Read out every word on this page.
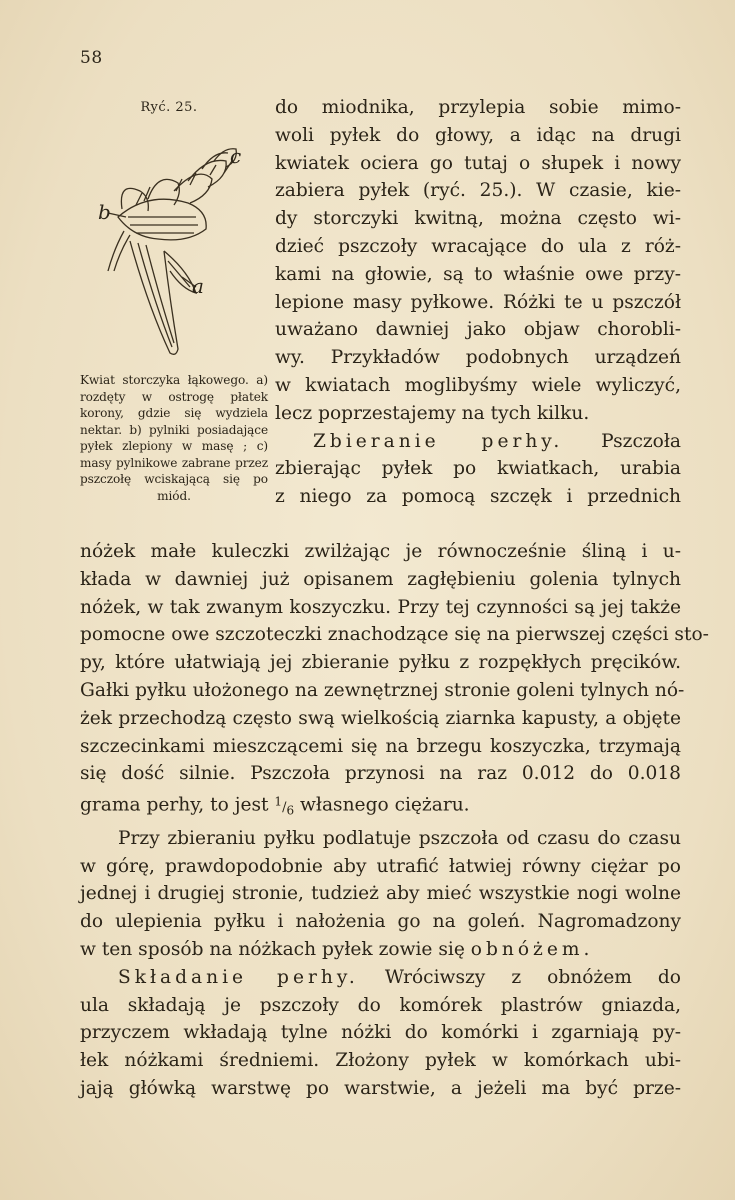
58
Ryć. 25.
b
c
a
Kwiat storczyka łąkowego. a) rozdęty w ostrogę płatek korony, gdzie się wydziela nektar. b) pylniki posiadające pyłek zlepiony w masę ; c) masy pylnikowe zabrane przez pszczołę wciskającą się po miód.
do miodnika, przylepia sobie mimo-
woli pyłek do głowy, a idąc na drugi
kwiatek ociera go tutaj o słupek i nowy
zabiera pyłek (ryć. 25.). W czasie, kie-
dy storczyki kwitną, można często wi-
dzieć pszczoły wracające do ula z róż-
kami na głowie, są to właśnie owe przy-
lepione masy pyłkowe. Różki te u pszczół
uważano dawniej jako objaw chorobli-
wy. Przykładów podobnych urządzeń
w kwiatach moglibyśmy wiele wyliczyć,
lecz poprzestajemy na tych kilku.
Zbieranie perhy. Pszczoła
zbierając pyłek po kwiatkach, urabia
z niego za pomocą szczęk i przednich
nóżek małe kuleczki zwilżając je równocześnie śliną i u-
kłada w dawniej już opisanem zagłębieniu golenia tylnych
nóżek, w tak zwanym koszyczku. Przy tej czynności są jej także
pomocne owe szczoteczki znachodzące się na pierwszej części sto-
py, które ułatwiają jej zbieranie pyłku z rozpękłych pręcików.
Gałki pyłku ułożonego na zewnętrznej stronie goleni tylnych nó-
żek przechodzą często swą wielkością ziarnka kapusty, a objęte
szczecinkami mieszczącemi się na brzegu koszyczka, trzymają
się dość silnie. Pszczoła przynosi na raz 0.012 do 0.018
grama perhy, to jest $^1/_6$ własnego ciężaru.
Przy zbieraniu pyłku podlatuje pszczoła od czasu do czasu
w górę, prawdopodobnie aby utrafić łatwiej równy ciężar po
jednej i drugiej stronie, tudzież aby mieć wszystkie nogi wolne
do ulepienia pyłku i nałożenia go na goleń. Nagromadzony
w ten sposób na nóżkach pyłek zowie się obnóżem.
Składanie perhy. Wróciwszy z obnóżem do
ula składają je pszczoły do komórek plastrów gniazda,
przyczem wkładają tylne nóżki do komórki i zgarniają py-
łek nóżkami średniemi. Złożony pyłek w komórkach ubi-
jają główką warstwę po warstwie, a jeżeli ma być prze-
